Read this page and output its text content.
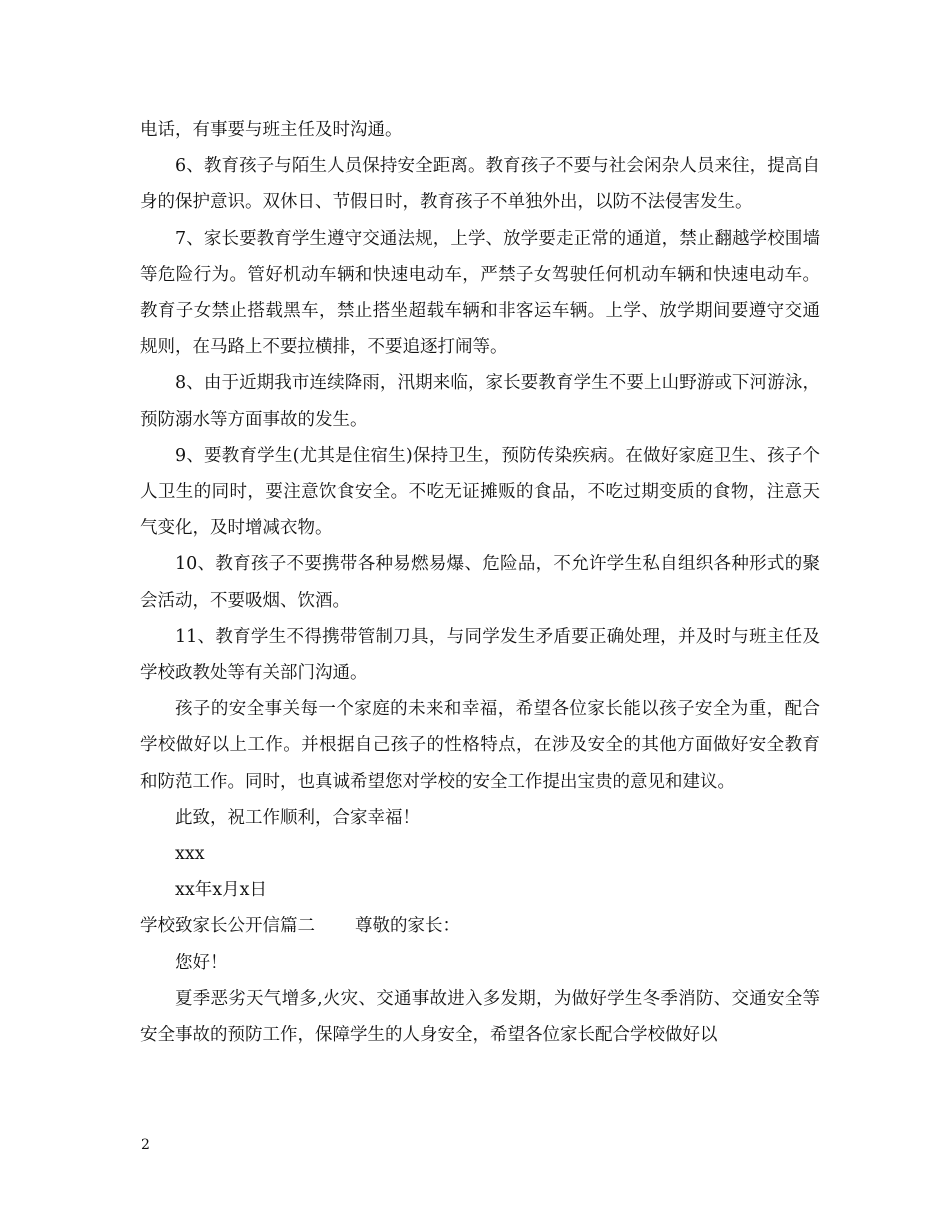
电话，有事要与班主任及时沟通。

6、教育孩子与陌生人员保持安全距离。教育孩子不要与社会闲杂人员来往，提高自身的保护意识。双休日、节假日时，教育孩子不单独外出，以防不法侵害发生。

7、家长要教育学生遵守交通法规，上学、放学要走正常的通道，禁止翻越学校围墙等危险行为。管好机动车辆和快速电动车，严禁子女驾驶任何机动车辆和快速电动车。教育子女禁止搭载黑车，禁止搭坐超载车辆和非客运车辆。上学、放学期间要遵守交通规则，在马路上不要拉横排，不要追逐打闹等。

8、由于近期我市连续降雨，汛期来临，家长要教育学生不要上山野游或下河游泳，预防溺水等方面事故的发生。

9、要教育学生(尤其是住宿生)保持卫生，预防传染疾病。在做好家庭卫生、孩子个人卫生的同时，要注意饮食安全。不吃无证摊贩的食品，不吃过期变质的食物，注意天气变化，及时增减衣物。

10、教育孩子不要携带各种易燃易爆、危险品，不允许学生私自组织各种形式的聚会活动，不要吸烟、饮酒。

11、教育学生不得携带管制刀具，与同学发生矛盾要正确处理，并及时与班主任及学校政教处等有关部门沟通。

孩子的安全事关每一个家庭的未来和幸福，希望各位家长能以孩子安全为重，配合学校做好以上工作。并根据自己孩子的性格特点，在涉及安全的其他方面做好安全教育和防范工作。同时，也真诚希望您对学校的安全工作提出宝贵的意见和建议。

此致，祝工作顺利，合家幸福！

xxx

xx年x月x日

学校致家长公开信篇二 尊敬的家长：

您好！

夏季恶劣天气增多,火灾、交通事故进入多发期，为做好学生冬季消防、交通安全等安全事故的预防工作，保障学生的人身安全，希望各位家长配合学校做好以

2
